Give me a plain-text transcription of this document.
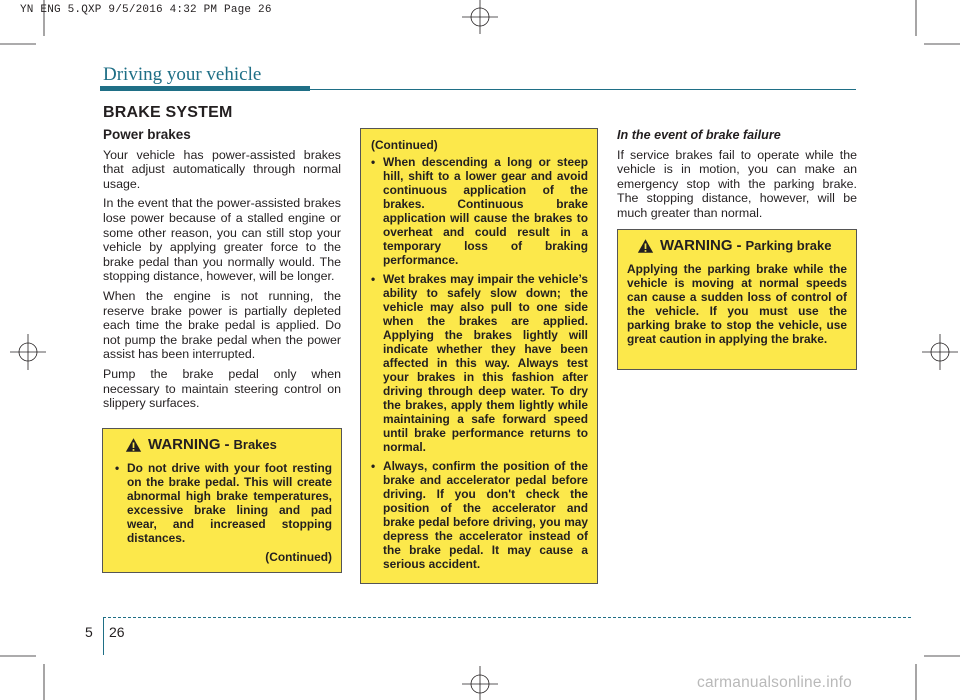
YN ENG 5.QXP 9/5/2016 4:32 PM Page 26
Driving your vehicle
BRAKE SYSTEM

Power brakes

Your vehicle has power-assisted brakes that adjust automatically through normal usage.

In the event that the power-assisted brakes lose power because of a stalled engine or some other reason, you can still stop your vehicle by applying greater force to the brake pedal than you normally would. The stopping distance, however, will be longer.

When the engine is not running, the reserve brake power is partially depleted each time the brake pedal is applied. Do not pump the brake pedal when the power assist has been interrupted.

Pump the brake pedal only when necessary to maintain steering control on slippery surfaces.

WARNING - Brakes
• Do not drive with your foot resting on the brake pedal. This will create abnormal high brake temperatures, excessive brake lining and pad wear, and increased stopping distances.
(Continued)
(Continued)
• When descending a long or steep hill, shift to a lower gear and avoid continuous application of the brakes. Continuous brake application will cause the brakes to overheat and could result in a temporary loss of braking performance.
• Wet brakes may impair the vehicle’s ability to safely slow down; the vehicle may also pull to one side when the brakes are applied. Applying the brakes lightly will indicate whether they have been affected in this way. Always test your brakes in this fashion after driving through deep water. To dry the brakes, apply them lightly while maintaining a safe forward speed until brake performance returns to normal.
• Always, confirm the position of the brake and accelerator pedal before driving. If you don't check the position of the accelerator and brake pedal before driving, you may depress the accelerator instead of the brake pedal. It may cause a serious accident.

In the event of brake failure

If service brakes fail to operate while the vehicle is in motion, you can make an emergency stop with the parking brake. The stopping distance, however, will be much greater than normal.

WARNING - Parking brake
Applying the parking brake while the vehicle is moving at normal speeds can cause a sudden loss of control of the vehicle. If you must use the parking brake to stop the vehicle, use great caution in applying the brake.
5 26
carmanualsonline.info
